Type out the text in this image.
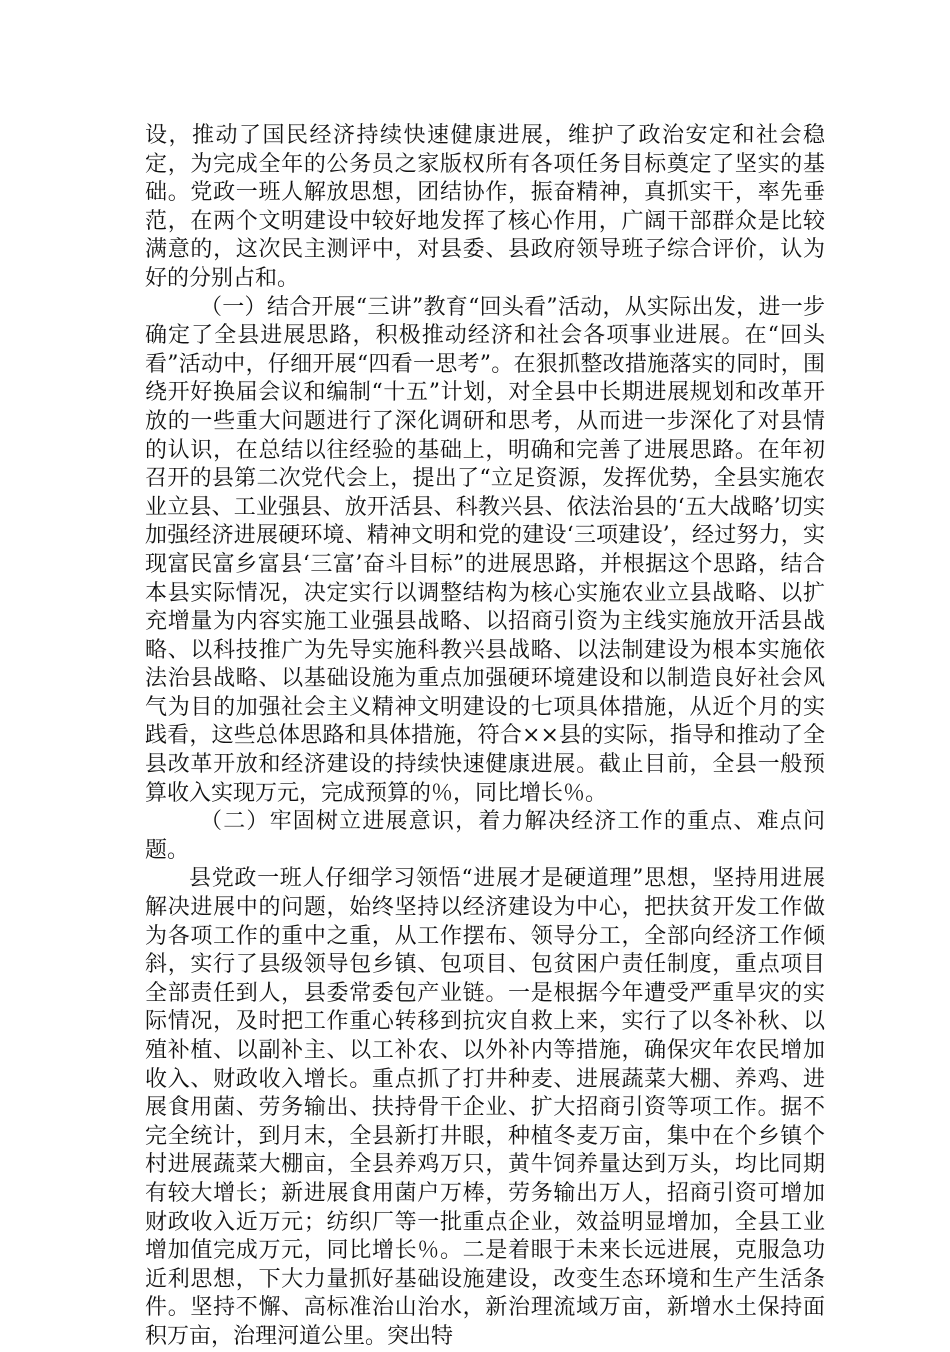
设，推动了国民经济持续快速健康进展，维护了政治安定和社会稳定，为完成全年的公务员之家版权所有各项任务目标奠定了坚实的基础。党政一班人解放思想，团结协作，振奋精神，真抓实干，率先垂范，在两个文明建设中较好地发挥了核心作用，广阔干部群众是比较满意的，这次民主测评中，对县委、县政府领导班子综合评价，认为好的分别占和。

（一）结合开展“三讲”教育“回头看”活动，从实际出发，进一步确定了全县进展思路，积极推动经济和社会各项事业进展。在“回头看”活动中，仔细开展“四看一思考”。在狠抓整改措施落实的同时，围绕开好换届会议和编制“十五”计划，对全县中长期进展规划和改革开放的一些重大问题进行了深化调研和思考，从而进一步深化了对县情的认识，在总结以往经验的基础上，明确和完善了进展思路。在年初召开的县第二次党代会上，提出了“立足资源，发挥优势，全县实施农业立县、工业强县、放开活县、科教兴县、依法治县的‘五大战略’切实加强经济进展硬环境、精神文明和党的建设‘三项建设’，经过努力，实现富民富乡富县‘三富’奋斗目标”的进展思路，并根据这个思路，结合本县实际情况，决定实行以调整结构为核心实施农业立县战略、以扩充增量为内容实施工业强县战略、以招商引资为主线实施放开活县战略、以科技推广为先导实施科教兴县战略、以法制建设为根本实施依法治县战略、以基础设施为重点加强硬环境建设和以制造良好社会风气为目的加强社会主义精神文明建设的七项具体措施，从近个月的实践看，这些总体思路和具体措施，符合××县的实际，指导和推动了全县改革开放和经济建设的持续快速健康进展。截止目前，全县一般预算收入实现万元，完成预算的％，同比增长％。

（二）牢固树立进展意识，着力解决经济工作的重点、难点问题。

县党政一班人仔细学习领悟“进展才是硬道理”思想，坚持用进展解决进展中的问题，始终坚持以经济建设为中心，把扶贫开发工作做为各项工作的重中之重，从工作摆布、领导分工，全部向经济工作倾斜，实行了县级领导包乡镇、包项目、包贫困户责任制度，重点项目全部责任到人，县委常委包产业链。一是根据今年遭受严重旱灾的实际情况，及时把工作重心转移到抗灾自救上来，实行了以冬补秋、以殖补植、以副补主、以工补农、以外补内等措施，确保灾年农民增加收入、财政收入增长。重点抓了打井种麦、进展蔬菜大棚、养鸡、进展食用菌、劳务输出、扶持骨干企业、扩大招商引资等项工作。据不完全统计，到月末，全县新打井眼，种植冬麦万亩，集中在个乡镇个村进展蔬菜大棚亩，全县养鸡万只，黄牛饲养量达到万头，均比同期有较大增长；新进展食用菌户万棒，劳务输出万人，招商引资可增加财政收入近万元；纺织厂等一批重点企业，效益明显增加，全县工业增加值完成万元，同比增长％。二是着眼于未来长远进展，克服急功近利思想，下大力量抓好基础设施建设，改变生态环境和生产生活条件。坚持不懈、高标准治山治水，新治理流域万亩，新增水土保持面积万亩，治理河道公里。突出特
